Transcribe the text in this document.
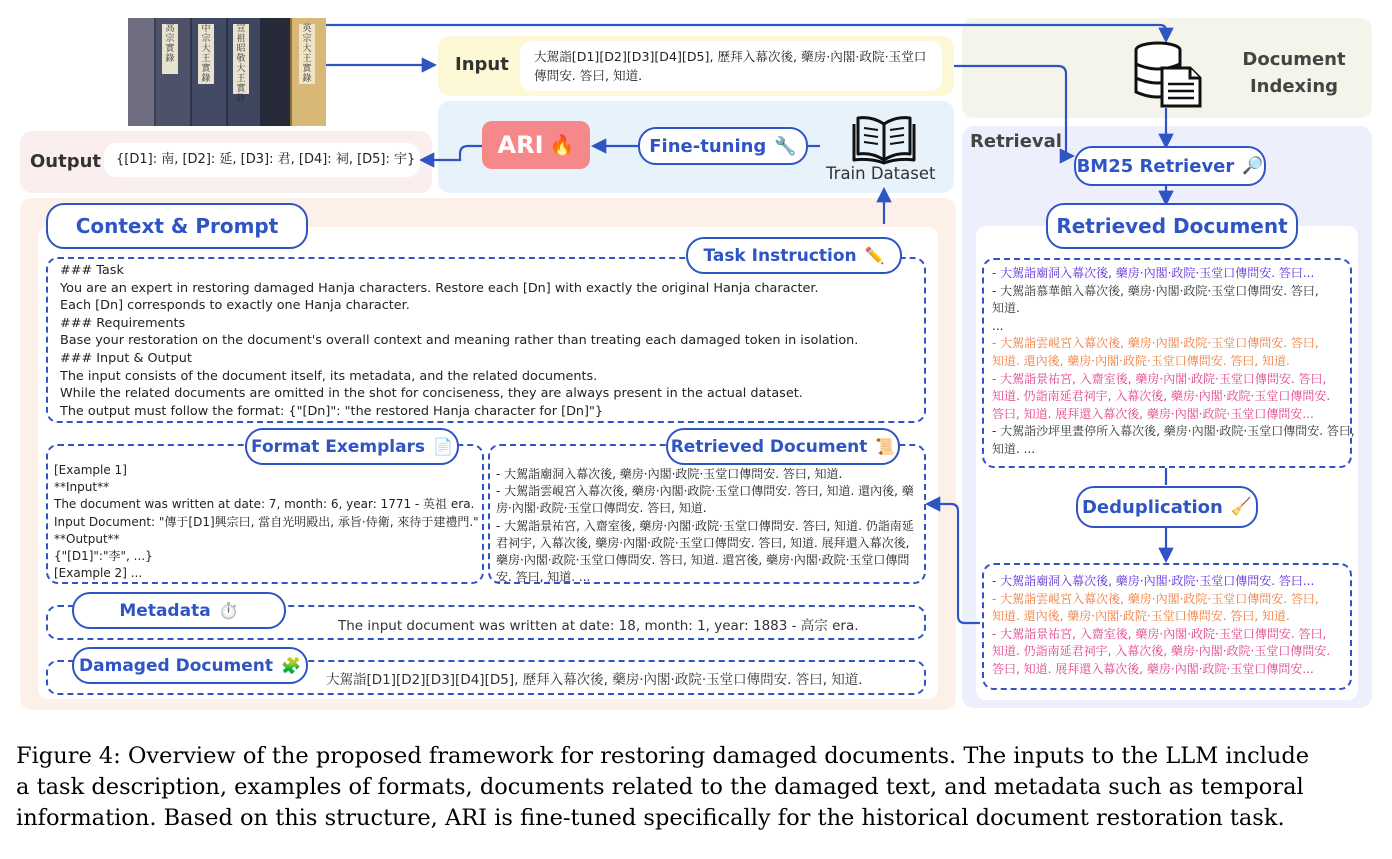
高宗實錄
中宗大王實錄
宣祖昭敬大王實錄
英宗大王實錄
Input	大駕詣[D1][D2][D3][D4][D5], 歷拜入幕次後, 藥房·內閣·政院·玉堂口傳問安. 答曰, 知道.
Document Indexing
Output	{[D1]: 南, [D2]: 延, [D3]: 君, [D4]: 祠, [D5]: 宇}
ARI 🔥	Fine-tuning 🔧
Train Dataset
Retrieval
BM25 Retriever 🔎
Retrieved Document
- 大駕詣廟洞入幕次後, 藥房·內閣·政院·玉堂口傳問安. 答曰...
- 大駕詣慕華館入幕次後, 藥房·內閣·政院·玉堂口傳問安. 答曰,
知道.
...
- 大駕詣雲峴宮入幕次後, 藥房·內閣·政院·玉堂口傳問安. 答曰,
知道. 還內後, 藥房·內閣·政院·玉堂口傳問安. 答曰, 知道.
- 大駕詣景祐宮, 入齋室後, 藥房·內閣·政院·玉堂口傳問安. 答曰,
知道. 仍詣南延君祠宇, 入幕次後, 藥房·內閣·政院·玉堂口傳問安.
答曰, 知道. 展拜還入幕次後, 藥房·內閣·政院·玉堂口傳問安...
- 大駕詣沙坪里晝停所入幕次後, 藥房·內閣·政院·玉堂口傳問安. 答曰,
知道. ...
Deduplication 🧹
- 大駕詣廟洞入幕次後, 藥房·內閣·政院·玉堂口傳問安. 答曰...
- 大駕詣雲峴宮入幕次後, 藥房·內閣·政院·玉堂口傳問安. 答曰,
知道. 還內後, 藥房·內閣·政院·玉堂口傳問安. 答曰, 知道.
- 大駕詣景祐宮, 入齋室後, 藥房·內閣·政院·玉堂口傳問安. 答曰,
知道. 仍詣南延君祠宇, 入幕次後, 藥房·內閣·政院·玉堂口傳問安.
答曰, 知道. 展拜還入幕次後, 藥房·內閣·政院·玉堂口傳問安...
Context & Prompt
### Task
You are an expert in restoring damaged Hanja characters. Restore each [Dn] with exactly the original Hanja character.
Each [Dn] corresponds to exactly one Hanja character.
### Requirements
Base your restoration on the document's overall context and meaning rather than treating each damaged token in isolation.
### Input & Output
The input consists of the document itself, its metadata, and the related documents.
While the related documents are omitted in the shot for conciseness, they are always present in the actual dataset.
The output must follow the format: {"[Dn]": "the restored Hanja character for [Dn]"}
Task Instruction ✏️
[Example 1]
**Input**
The document was written at date: 7, month: 6, year: 1771 - 英祖 era.
Input Document: "傳于[D1]興宗曰, 當自光明殿出, 承旨·侍衛, 來待于建禮門."
**Output**
{"[D1]":"李", ...}
[Example 2] ...
Format Exemplars 📄
- 大駕詣廟洞入幕次後, 藥房·內閣·政院·玉堂口傳問安. 答曰, 知道.
- 大駕詣雲峴宮入幕次後, 藥房·內閣·政院·玉堂口傳問安. 答曰, 知道. 還內後, 藥
房·內閣·政院·玉堂口傳問安. 答曰, 知道.
- 大駕詣景祐宮, 入齋室後, 藥房·內閣·政院·玉堂口傳問安. 答曰, 知道. 仍詣南延
君祠宇, 入幕次後, 藥房·內閣·政院·玉堂口傳問安. 答曰, 知道. 展拜還入幕次後,
藥房·內閣·政院·玉堂口傳問安. 答曰, 知道. 還宮後, 藥房·內閣·政院·玉堂口傳問
安. 答曰, 知道. ...
Retrieved Document 📜
The input document was written at date: 18, month: 1, year: 1883 - 高宗 era.
Metadata ⏱️
大駕詣[D1][D2][D3][D4][D5], 歷拜入幕次後, 藥房·內閣·政院·玉堂口傳問安. 答曰, 知道.
Damaged Document 🧩
Figure 4: Overview of the proposed framework for restoring damaged documents. The inputs to the LLM include
a task description, examples of formats, documents related to the damaged text, and metadata such as temporal
information. Based on this structure, ARI is fine-tuned specifically for the historical document restoration task.
